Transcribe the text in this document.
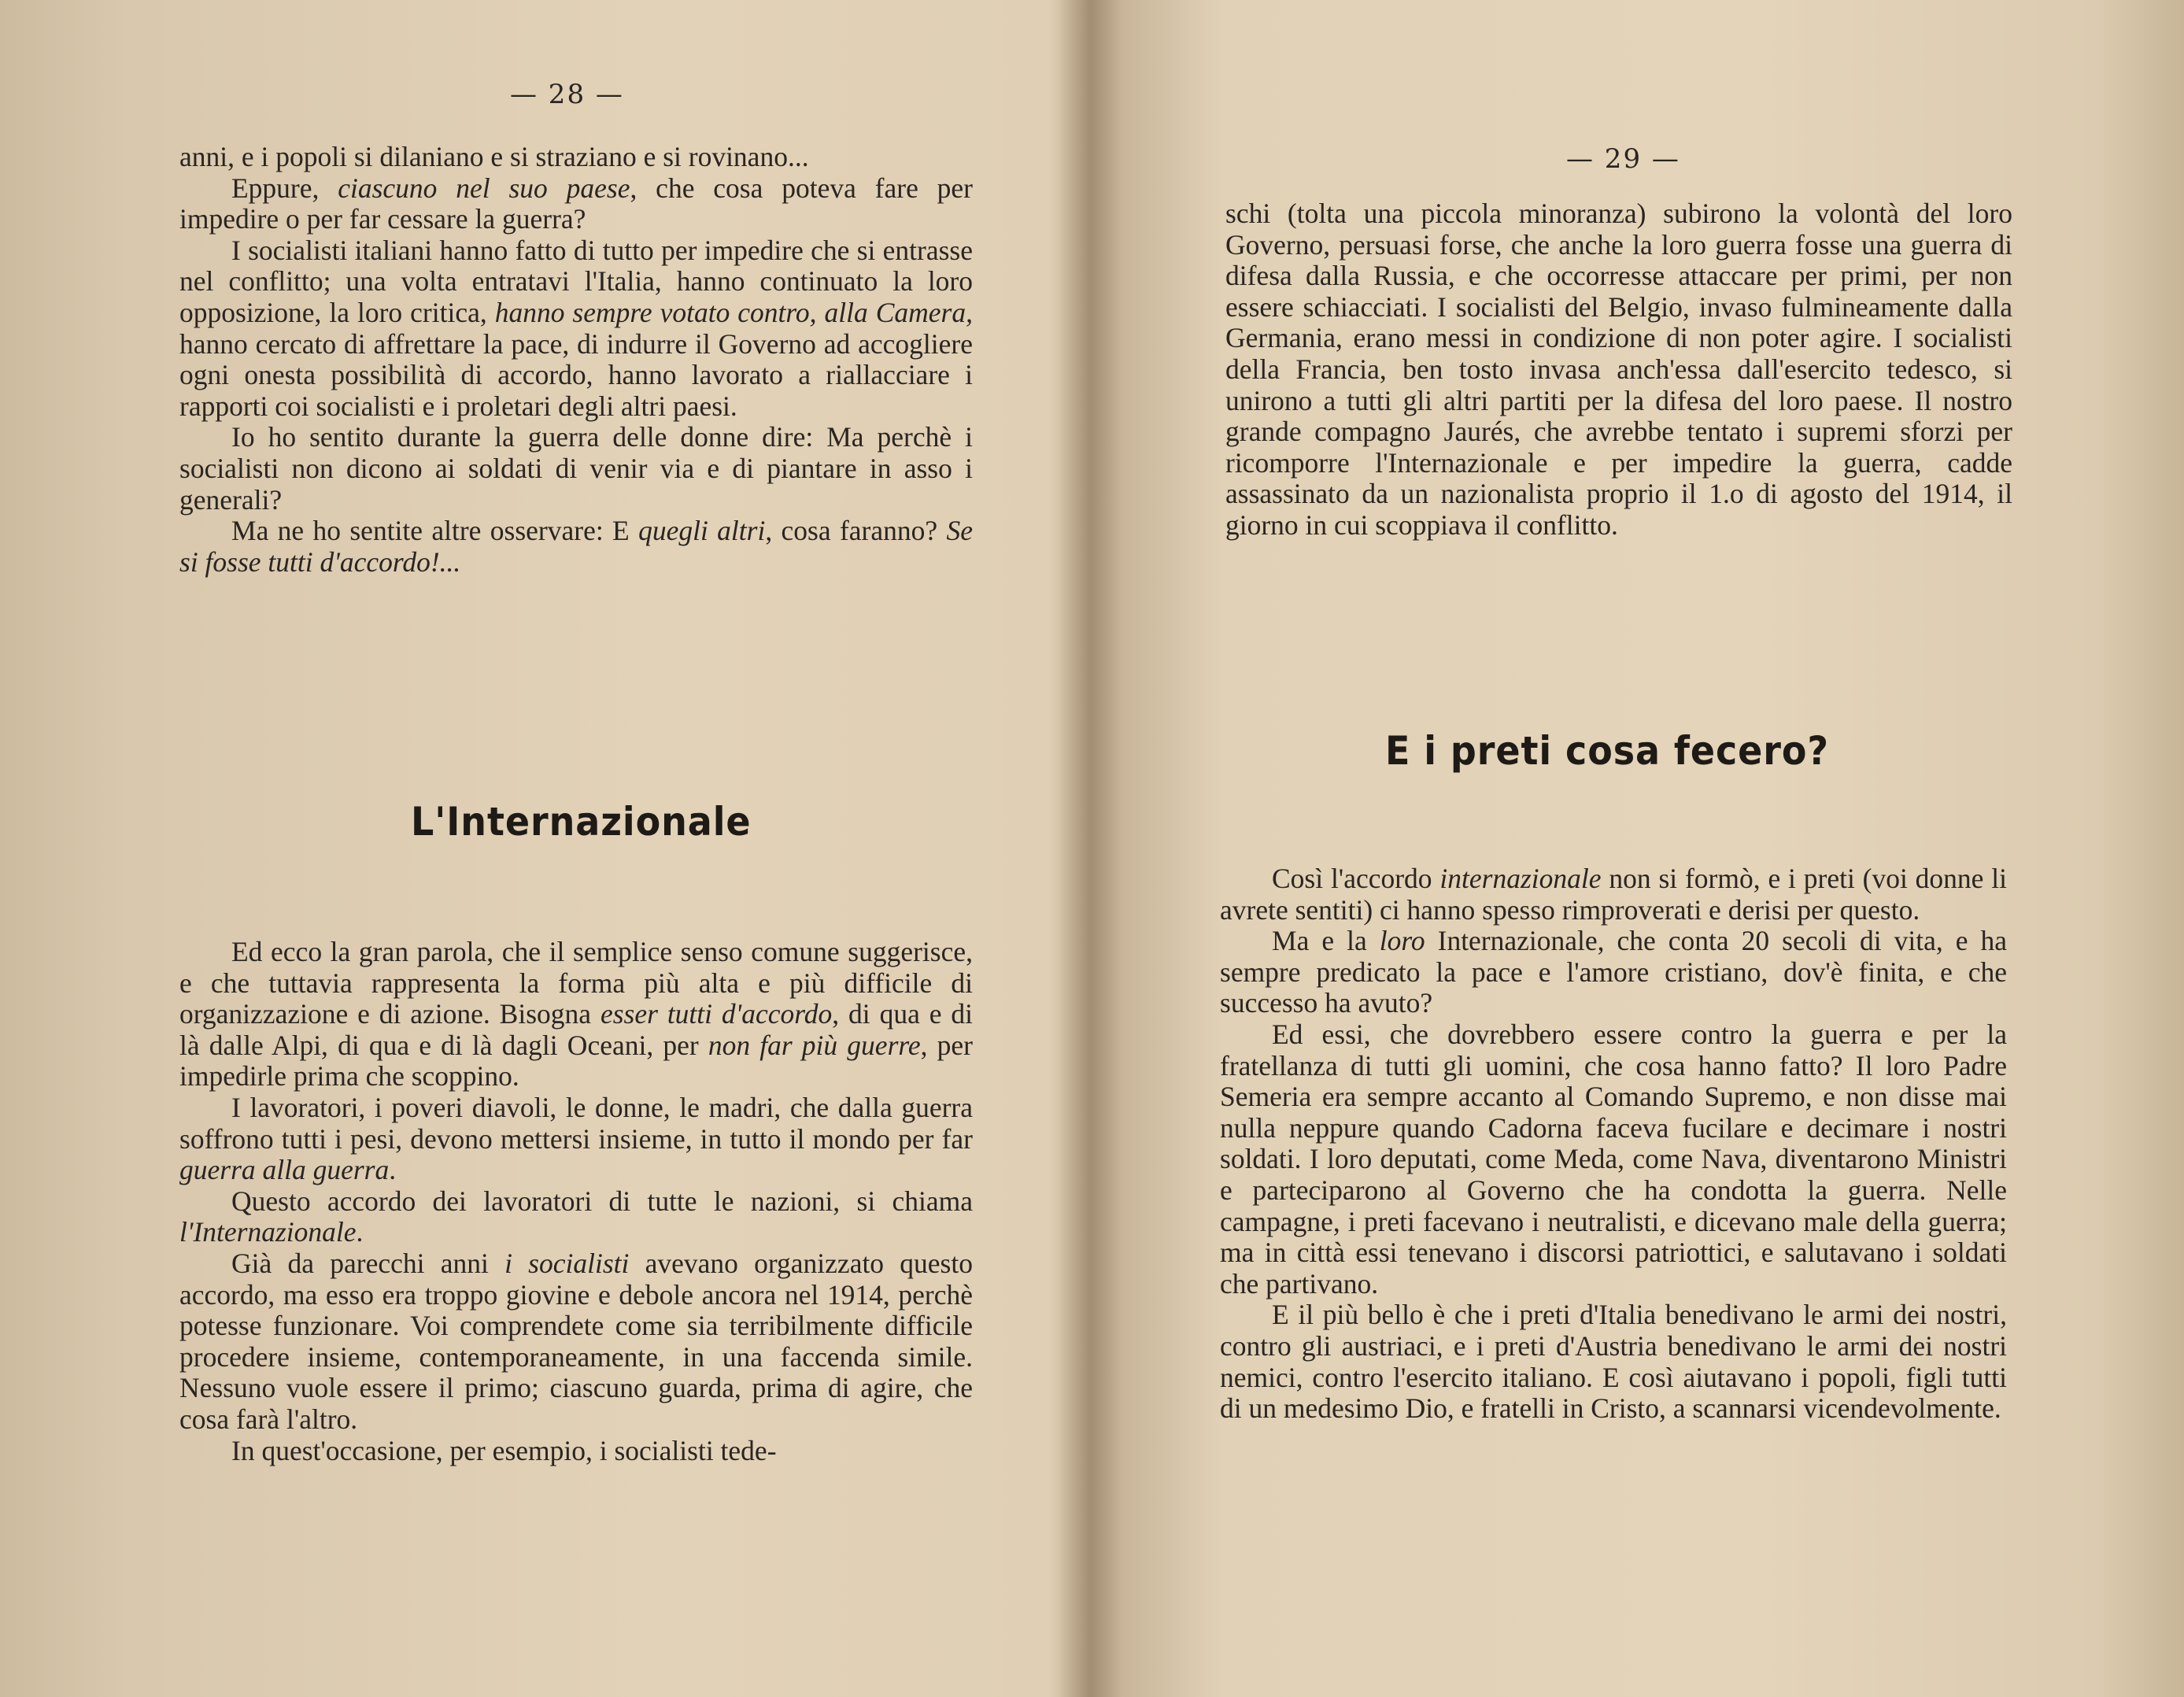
— 28 —

anni, e i popoli si dilaniano e si straziano e si rovinano...

Eppure, ciascuno nel suo paese, che cosa poteva fare per impedire o per far cessare la guerra?

I socialisti italiani hanno fatto di tutto per impedire che si entrasse nel conflitto; una volta entratavi l'Italia, hanno continuato la loro opposizione, la loro critica, hanno sempre votato contro, alla Camera, hanno cercato di affrettare la pace, di indurre il Governo ad accogliere ogni onesta possibilità di accordo, hanno lavorato a riallacciare i rapporti coi socialisti e i proletari degli altri paesi.

Io ho sentito durante la guerra delle donne dire: Ma perchè i socialisti non dicono ai soldati di venir via e di piantare in asso i generali?

Ma ne ho sentite altre osservare: E quegli altri, cosa faranno? Se si fosse tutti d'accordo!...

L'Internazionale

Ed ecco la gran parola, che il semplice senso comune suggerisce, e che tuttavia rappresenta la forma più alta e più difficile di organizzazione e di azione. Bisogna esser tutti d'accordo, di qua e di là dalle Alpi, di qua e di là dagli Oceani, per non far più guerre, per impedirle prima che scoppino.

I lavoratori, i poveri diavoli, le donne, le madri, che dalla guerra soffrono tutti i pesi, devono mettersi insieme, in tutto il mondo per far guerra alla guerra.

Questo accordo dei lavoratori di tutte le nazioni, si chiama l'Internazionale.

Già da parecchi anni i socialisti avevano organizzato questo accordo, ma esso era troppo giovine e debole ancora nel 1914, perchè potesse funzionare. Voi comprendete come sia terribilmente difficile procedere insieme, contemporaneamente, in una faccenda simile. Nessuno vuole essere il primo; ciascuno guarda, prima di agire, che cosa farà l'altro.

In quest'occasione, per esempio, i socialisti tede-

— 29 —

schi (tolta una piccola minoranza) subirono la volontà del loro Governo, persuasi forse, che anche la loro guerra fosse una guerra di difesa dalla Russia, e che occorresse attaccare per primi, per non essere schiacciati. I socialisti del Belgio, invaso fulmineamente dalla Germania, erano messi in condizione di non poter agire. I socialisti della Francia, ben tosto invasa anch'essa dall'esercito tedesco, si unirono a tutti gli altri partiti per la difesa del loro paese. Il nostro grande compagno Jaurés, che avrebbe tentato i supremi sforzi per ricomporre l'Internazionale e per impedire la guerra, cadde assassinato da un nazionalista proprio il 1.o di agosto del 1914, il giorno in cui scoppiava il conflitto.

E i preti cosa fecero?

Così l'accordo internazionale non si formò, e i preti (voi donne li avrete sentiti) ci hanno spesso rimproverati e derisi per questo.

Ma e la loro Internazionale, che conta 20 secoli di vita, e ha sempre predicato la pace e l'amore cristiano, dov'è finita, e che successo ha avuto?

Ed essi, che dovrebbero essere contro la guerra e per la fratellanza di tutti gli uomini, che cosa hanno fatto? Il loro Padre Semeria era sempre accanto al Comando Supremo, e non disse mai nulla neppure quando Cadorna faceva fucilare e decimare i nostri soldati. I loro deputati, come Meda, come Nava, diventarono Ministri e parteciparono al Governo che ha condotta la guerra. Nelle campagne, i preti facevano i neutralisti, e dicevano male della guerra; ma in città essi tenevano i discorsi patriottici, e salutavano i soldati che partivano.

E il più bello è che i preti d'Italia benedivano le armi dei nostri, contro gli austriaci, e i preti d'Austria benedivano le armi dei nostri nemici, contro l'esercito italiano. E così aiutavano i popoli, figli tutti di un medesimo Dio, e fratelli in Cristo, a scannarsi vicendevolmente.
